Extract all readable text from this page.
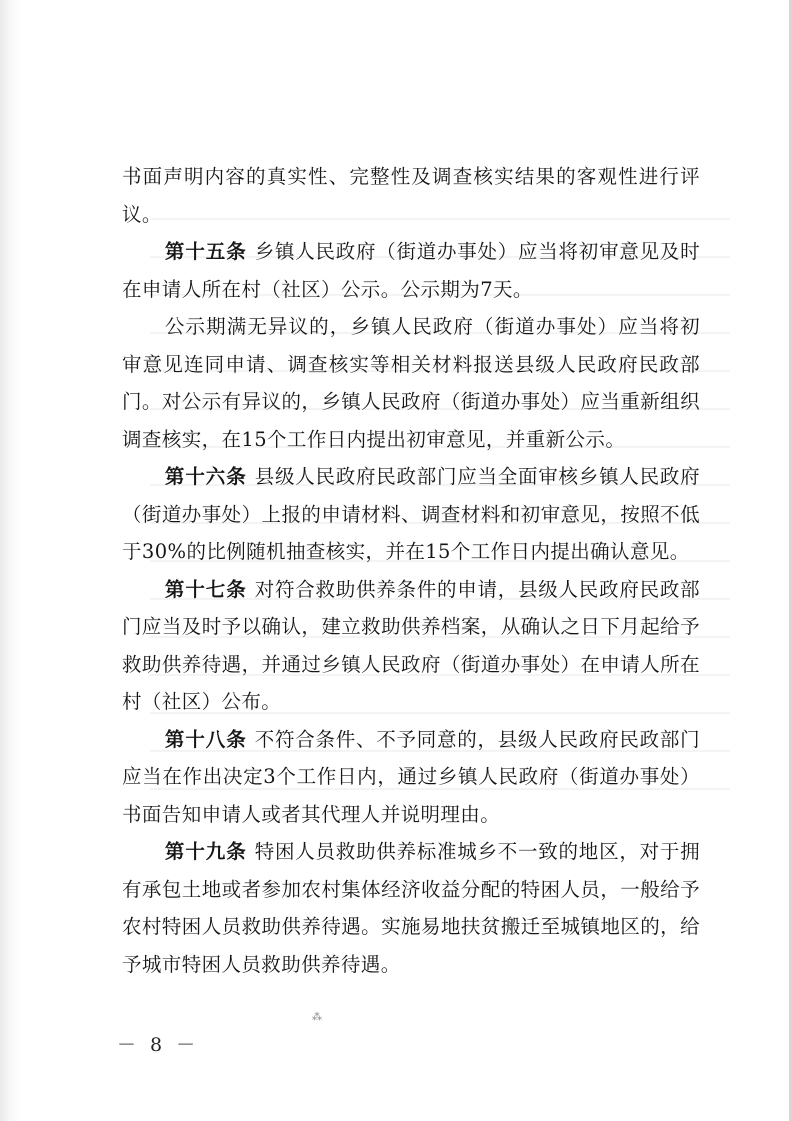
书面声明内容的真实性、完整性及调查核实结果的客观性进行评议。

第十五条 乡镇人民政府（街道办事处）应当将初审意见及时在申请人所在村（社区）公示。公示期为7天。

公示期满无异议的，乡镇人民政府（街道办事处）应当将初审意见连同申请、调查核实等相关材料报送县级人民政府民政部门。对公示有异议的，乡镇人民政府（街道办事处）应当重新组织调查核实，在15个工作日内提出初审意见，并重新公示。

第十六条 县级人民政府民政部门应当全面审核乡镇人民政府（街道办事处）上报的申请材料、调查材料和初审意见，按照不低于30%的比例随机抽查核实，并在15个工作日内提出确认意见。

第十七条 对符合救助供养条件的申请，县级人民政府民政部门应当及时予以确认，建立救助供养档案，从确认之日下月起给予救助供养待遇，并通过乡镇人民政府（街道办事处）在申请人所在村（社区）公布。

第十八条 不符合条件、不予同意的，县级人民政府民政部门应当在作出决定3个工作日内，通过乡镇人民政府（街道办事处）书面告知申请人或者其代理人并说明理由。

第十九条 特困人员救助供养标准城乡不一致的地区，对于拥有承包土地或者参加农村集体经济收益分配的特困人员，一般给予农村特困人员救助供养待遇。实施易地扶贫搬迁至城镇地区的，给予城市特困人员救助供养待遇。

⁂
－ 8 －
